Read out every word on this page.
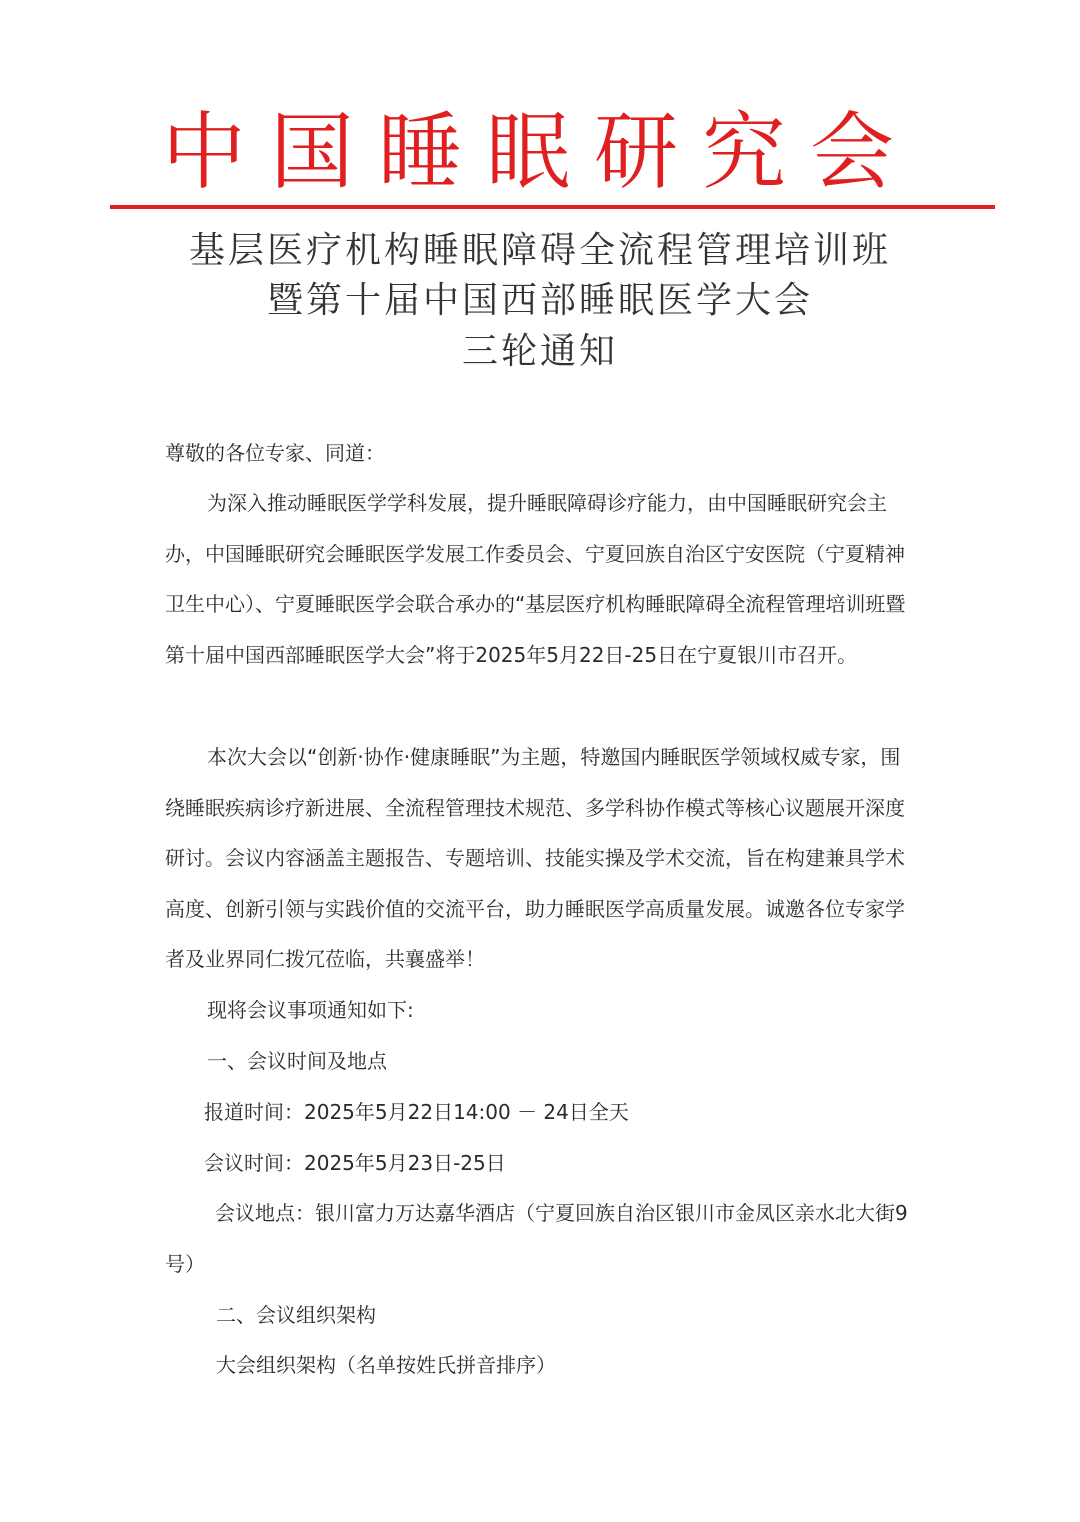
中国睡眠研究会
基层医疗机构睡眠障碍全流程管理培训班
暨第十届中国西部睡眠医学大会
三轮通知

尊敬的各位专家、同道：

为深入推动睡眠医学学科发展，提升睡眠障碍诊疗能力，由中国睡眠研究会主办，中国睡眠研究会睡眠医学发展工作委员会、宁夏回族自治区宁安医院（宁夏精神卫生中心）、宁夏睡眠医学会联合承办的“基层医疗机构睡眠障碍全流程管理培训班暨第十届中国西部睡眠医学大会”将于2025年5月22日-25日在宁夏银川市召开。

本次大会以“创新·协作·健康睡眠”为主题，特邀国内睡眠医学领域权威专家，围绕睡眠疾病诊疗新进展、全流程管理技术规范、多学科协作模式等核心议题展开深度研讨。会议内容涵盖主题报告、专题培训、技能实操及学术交流，旨在构建兼具学术高度、创新引领与实践价值的交流平台，助力睡眠医学高质量发展。诚邀各位专家学者及业界同仁拨冗莅临，共襄盛举！

现将会议事项通知如下:

一、会议时间及地点

报道时间：2025年5月22日14:00 － 24日全天

会议时间：2025年5月23日-25日

会议地点：银川富力万达嘉华酒店（宁夏回族自治区银川市金凤区亲水北大街9号）

二、会议组织架构

大会组织架构（名单按姓氏拼音排序）
